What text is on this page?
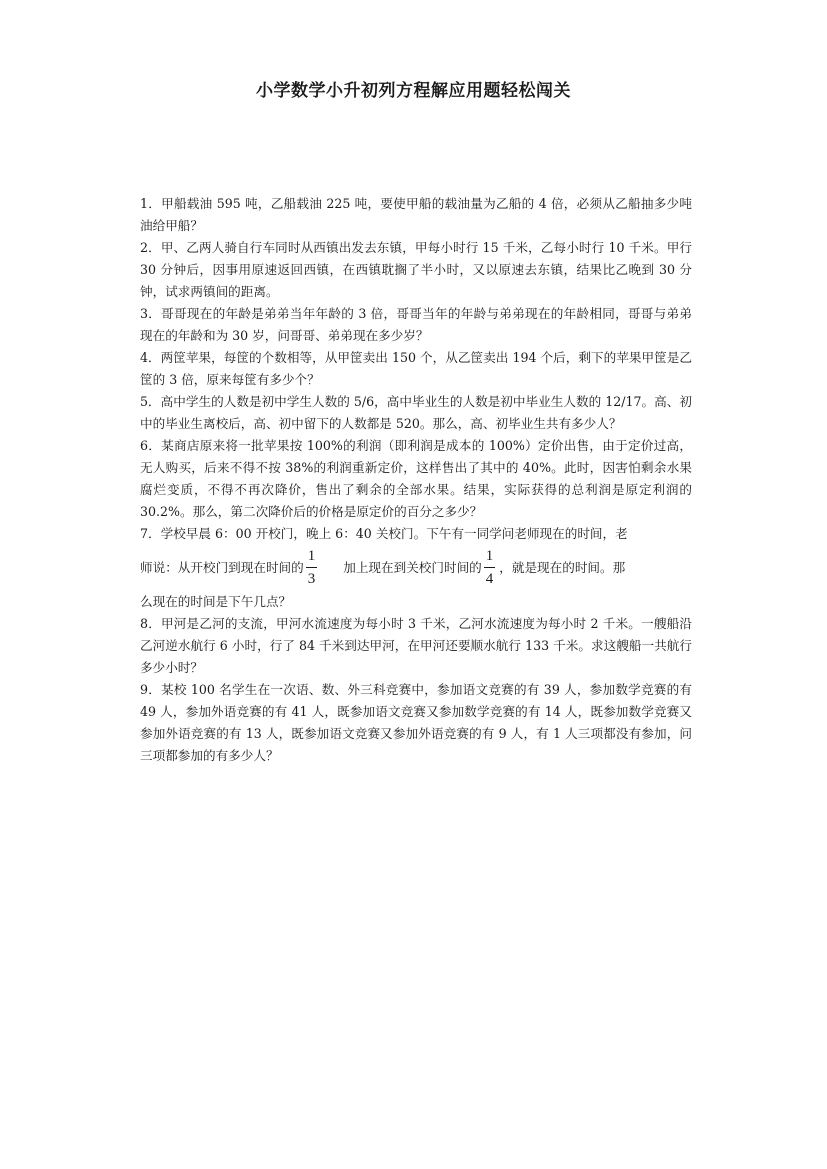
小学数学小升初列方程解应用题轻松闯关

1．甲船载油 595 吨，乙船载油 225 吨，要使甲船的载油量为乙船的 4 倍，必须从乙船抽多少吨油给甲船？

2．甲、乙两人骑自行车同时从西镇出发去东镇，甲每小时行 15 千米，乙每小时行 10 千米。甲行 30 分钟后，因事用原速返回西镇，在西镇耽搁了半小时，又以原速去东镇，结果比乙晚到 30 分钟，试求两镇间的距离。

3．哥哥现在的年龄是弟弟当年年龄的 3 倍，哥哥当年的年龄与弟弟现在的年龄相同，哥哥与弟弟现在的年龄和为 30 岁，问哥哥、弟弟现在多少岁？

4．两筐苹果，每筐的个数相等，从甲筐卖出 150 个，从乙筐卖出 194 个后，剩下的苹果甲筐是乙筐的 3 倍，原来每筐有多少个？

5．高中学生的人数是初中学生人数的 5/6，高中毕业生的人数是初中毕业生人数的 12/17。高、初中的毕业生离校后，高、初中留下的人数都是 520。那么，高、初毕业生共有多少人？

6．某商店原来将一批苹果按 100%的利润（即利润是成本的 100%）定价出售，由于定价过高，无人购买，后来不得不按 38%的利润重新定价，这样售出了其中的 40%。此时，因害怕剩余水果腐烂变质，不得不再次降价，售出了剩余的全部水果。结果，实际获得的总利润是原定利润的 30.2%。那么，第二次降价后的价格是原定价的百分之多少？

7．学校早晨 6：00 开校门，晚上 6：40 关校门。下午有一同学问老师现在的时间，老
师说：从开校门到现在时间的 $\frac{1}{3}$ 加上现在到关校门时间的 $\frac{1}{4}$ ，就是现在的时间。那
么现在的时间是下午几点？

8．甲河是乙河的支流，甲河水流速度为每小时 3 千米，乙河水流速度为每小时 2 千米。一艘船沿乙河逆水航行 6 小时，行了 84 千米到达甲河，在甲河还要顺水航行 133 千米。求这艘船一共航行多少小时？

9．某校 100 名学生在一次语、数、外三科竞赛中，参加语文竞赛的有 39 人，参加数学竞赛的有 49 人，参加外语竞赛的有 41 人，既参加语文竞赛又参加数学竞赛的有 14 人，既参加数学竞赛又参加外语竞赛的有 13 人，既参加语文竞赛又参加外语竞赛的有 9 人，有 1 人三项都没有参加，问三项都参加的有多少人？
